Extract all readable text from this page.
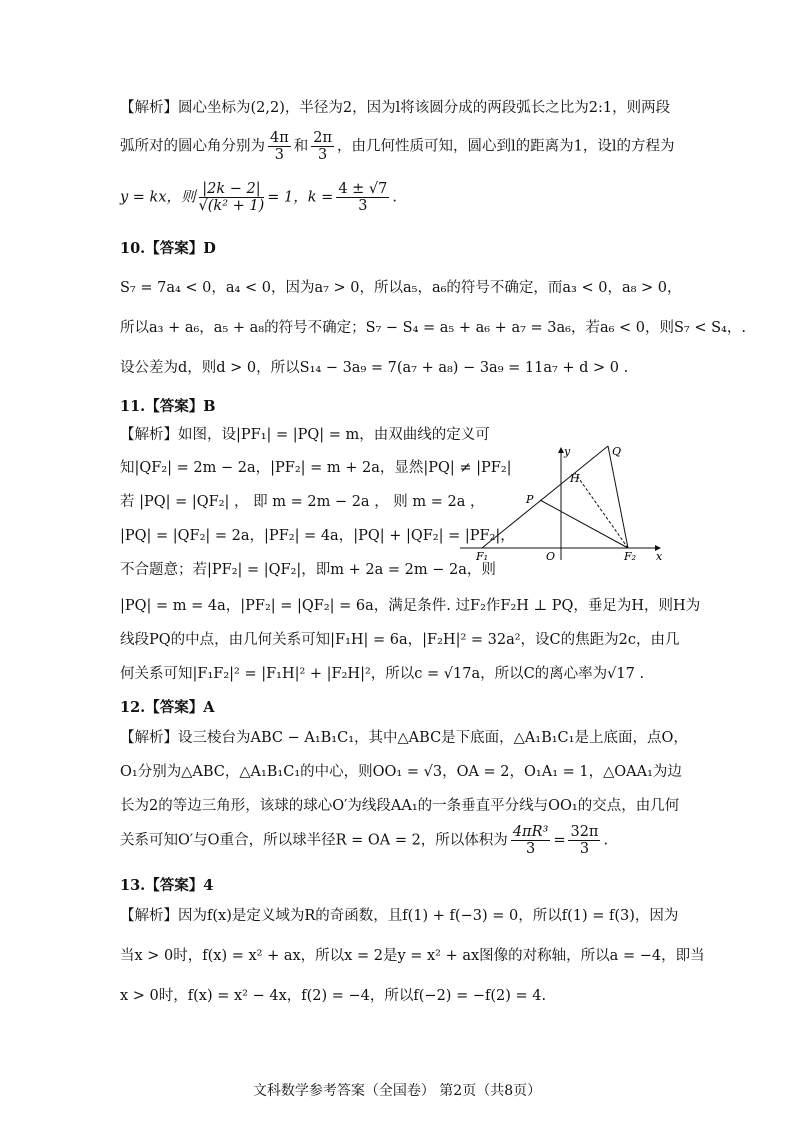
【解析】圆心坐标为(2,2)，半径为2，因为l将该圆分成的两段弧长之比为2:1，则两段
弧所对的圆心角分别为 $\frac{4\pi}{3}$ 和 $\frac{2\pi}{3}$ ，由几何性质可知，圆心到l的距离为1，设l的方程为
y = kx，则 $\frac{|2k - 2|}{\text{√(k² + 1)}} = 1$，$k = \frac{4 \pm √7}{3}$ .
10.【答案】D
S₇ = 7a₄ < 0，a₄ < 0，因为a₇ > 0，所以a₅，a₆的符号不确定，而a₃ < 0，a₈ > 0，
所以a₃ + a₆，a₅ + a₈的符号不确定；S₇ − S₄ = a₅ + a₆ + a₇ = 3a₆，若a₆ < 0，则S₇ < S₄，.
设公差为d，则d > 0，所以S₁₄ − 3a₉ = 7(a₇ + a₈) − 3a₉ = 11a₇ + d > 0 .
11.【答案】B
【解析】如图，设|PF₁| = |PQ| = m，由双曲线的定义可
知|QF₂| = 2m − 2a，|PF₂| = m + 2a，显然|PQ| ≠ |PF₂|
若 |PQ| = |QF₂| ， 即 m = 2m − 2a ， 则 m = 2a ，
|PQ| = |QF₂| = 2a，|PF₂| = 4a，|PQ| + |QF₂| = |PF₂|，
不合题意；若|PF₂| = |QF₂|，即m + 2a = 2m − 2a，则
|PQ| = m = 4a，|PF₂| = |QF₂| = 6a，满足条件. 过F₂作F₂H ⊥ PQ，垂足为H，则H为
线段PQ的中点，由几何关系可知|F₁H| = 6a，|F₂H|² = 32a²，设C的焦距为2c，由几
何关系可知|F₁F₂|² = |F₁H|² + |F₂H|²，所以c = √17a，所以C的离心率为√17 .
y
x
Q
H
P
F₁	O	F₂
12.【答案】A
【解析】设三棱台为ABC − A₁B₁C₁，其中△ABC是下底面，△A₁B₁C₁是上底面，点O，
O₁分别为△ABC，△A₁B₁C₁的中心，则OO₁ = √3，OA = 2，O₁A₁ = 1，△OAA₁为边
长为2的等边三角形，该球的球心O′为线段AA₁的一条垂直平分线与OO₁的交点，由几何
关系可知O′与O重合，所以球半径R = OA = 2，所以体积为 $\frac{\text{4πR³}}{3} = \frac{32\pi}{3}$ .
13.【答案】4
【解析】因为f(x)是定义域为R的奇函数，且f(1) + f(−3) = 0，所以f(1) = f(3)，因为
当x > 0时，f(x) = x² + ax，所以x = 2是y = x² + ax图像的对称轴，所以a = −4，即当
x > 0时，f(x) = x² − 4x，f(2) = −4，所以f(−2) = −f(2) = 4.
文科数学参考答案（全国卷） 第2页（共8页）
